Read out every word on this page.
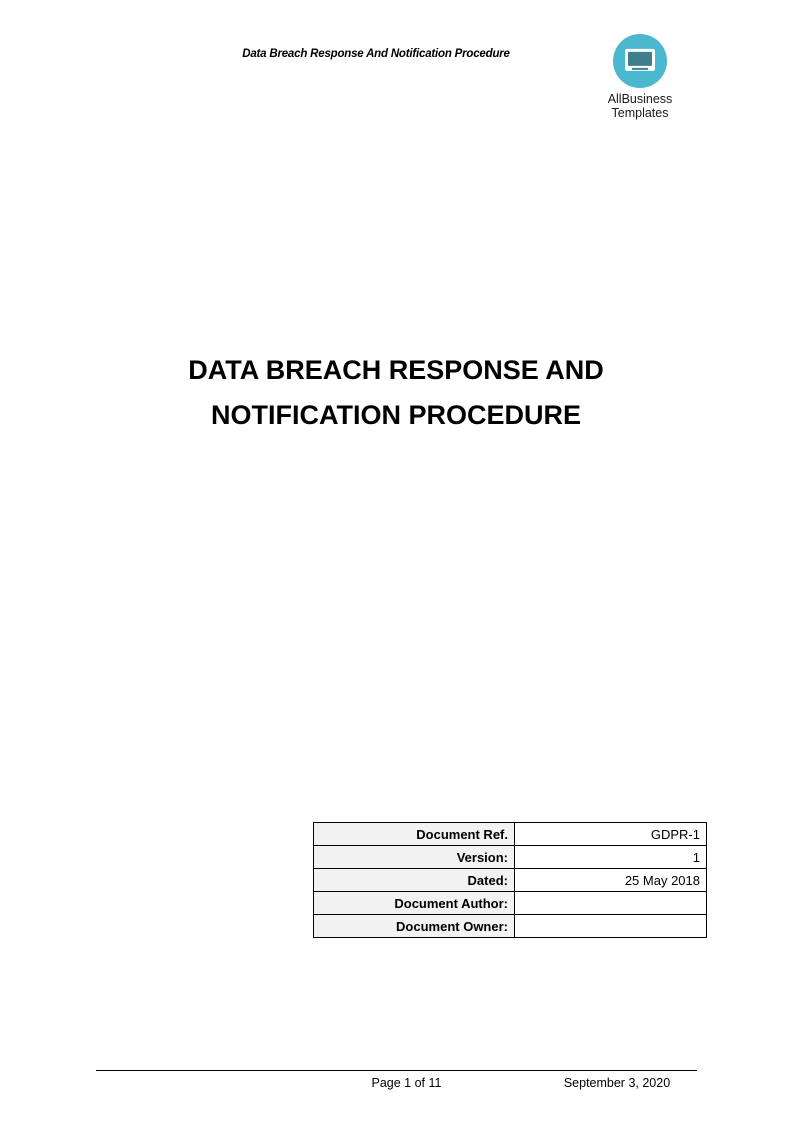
Data Breach Response And Notification Procedure
AllBusiness
Templates
DATA BREACH RESPONSE AND NOTIFICATION PROCEDURE
Document Ref.	GDPR-1
Version:	1
Dated:	25 May 2018
Document Author:	
Document Owner:	
Page 1 of 11	September 3, 2020
